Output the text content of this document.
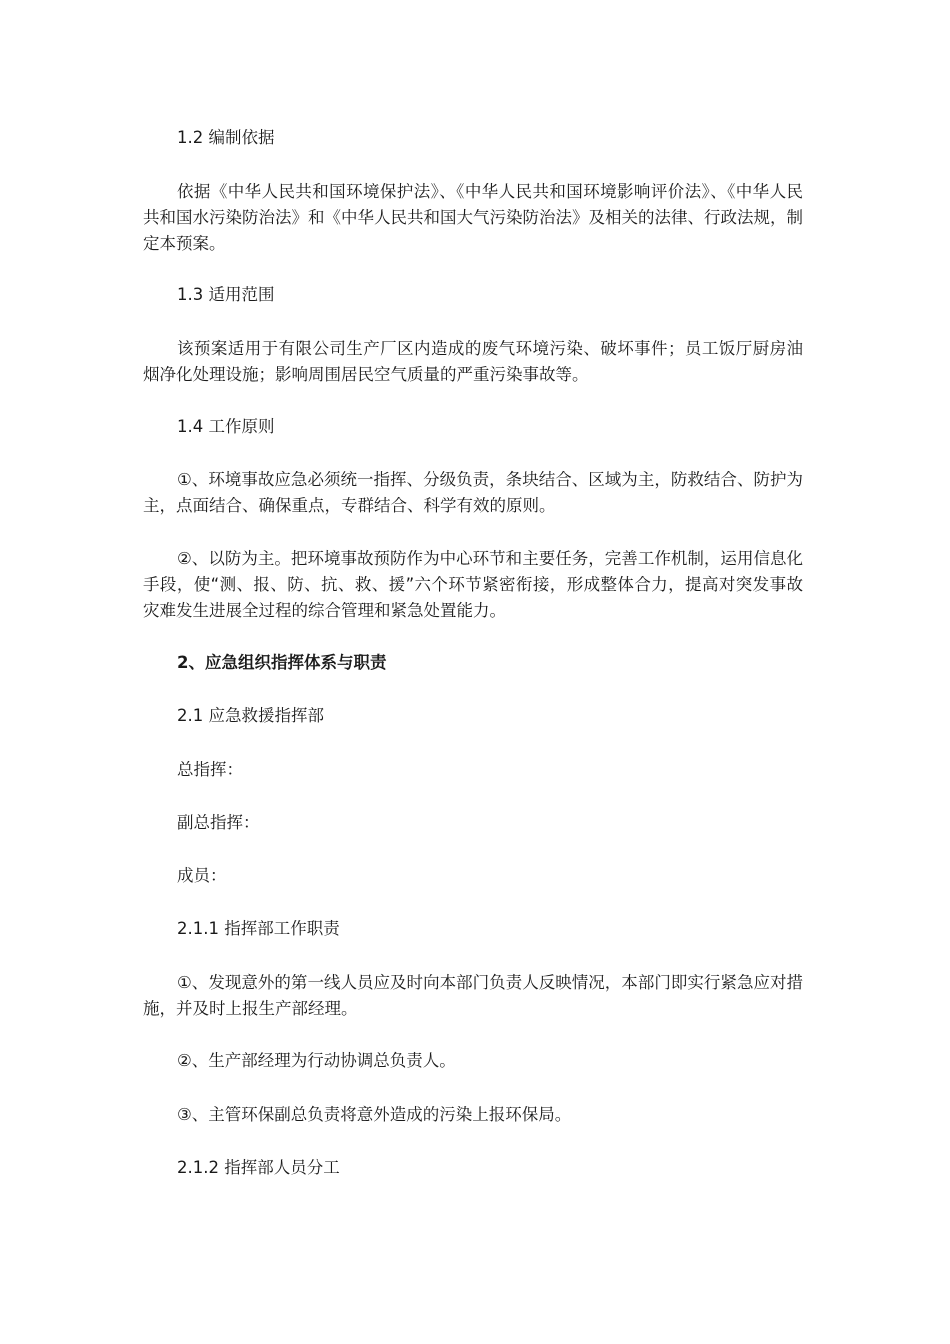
1.2 编制依据
依据《中华人民共和国环境保护法》、《中华人民共和国环境影响评价法》、《中华人民共和国水污染防治法》和《中华人民共和国大气污染防治法》及相关的法律、行政法规，制定本预案。
1.3 适用范围
该预案适用于有限公司生产厂区内造成的废气环境污染、破坏事件；员工饭厅厨房油烟净化处理设施；影响周围居民空气质量的严重污染事故等。
1.4 工作原则
①、环境事故应急必须统一指挥、分级负责，条块结合、区域为主，防救结合、防护为主，点面结合、确保重点，专群结合、科学有效的原则。
②、以防为主。把环境事故预防作为中心环节和主要任务，完善工作机制，运用信息化手段，使“测、报、防、抗、救、援”六个环节紧密衔接，形成整体合力，提高对突发事故灾难发生进展全过程的综合管理和紧急处置能力。
2、应急组织指挥体系与职责
2.1 应急救援指挥部
总指挥：
副总指挥：
成员：
2.1.1 指挥部工作职责
①、发现意外的第一线人员应及时向本部门负责人反映情况，本部门即实行紧急应对措施，并及时上报生产部经理。
②、生产部经理为行动协调总负责人。
③、主管环保副总负责将意外造成的污染上报环保局。
2.1.2 指挥部人员分工
